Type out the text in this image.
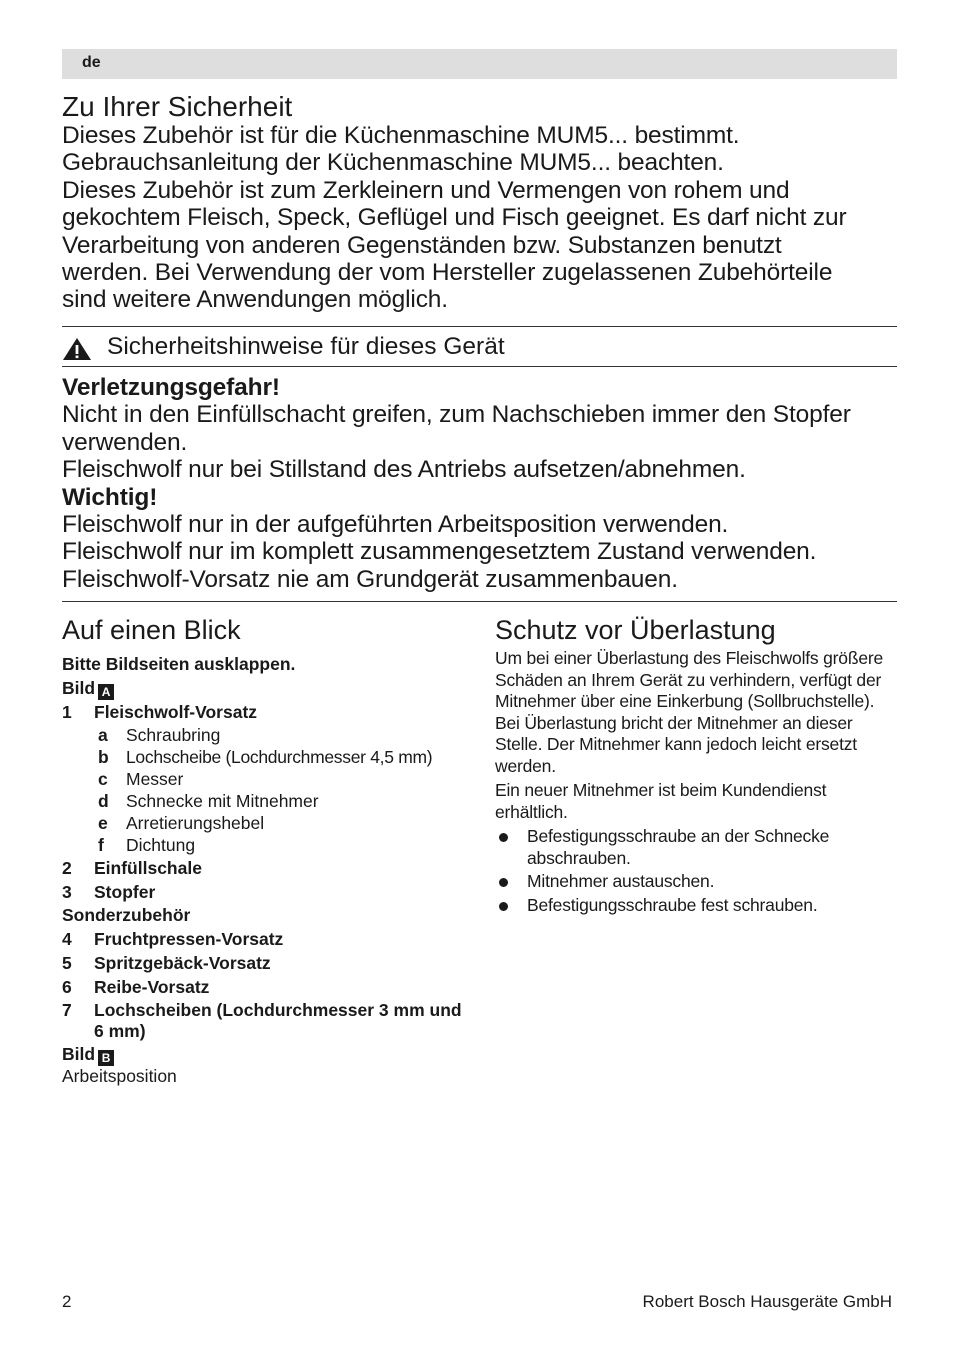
de
Zu Ihrer Sicherheit

Dieses Zubehör ist für die Küchenmaschine MUM5... bestimmt.

Gebrauchsanleitung der Küchenmaschine MUM5... beachten.

Dieses Zubehör ist zum Zerkleinern und Vermengen von rohem und

gekochtem Fleisch, Speck, Geflügel und Fisch geeignet. Es darf nicht zur

Verarbeitung von anderen Gegenständen bzw. Substanzen benutzt

werden. Bei Verwendung der vom Hersteller zugelassenen Zubehörteile

sind weitere Anwendungen möglich.

Sicherheitshinweise für dieses Gerät

Verletzungsgefahr!

Nicht in den Einfüllschacht greifen, zum Nachschieben immer den Stopfer

verwenden.

Fleischwolf nur bei Stillstand des Antriebs aufsetzen/abnehmen.

Wichtig!

Fleischwolf nur in der aufgeführten Arbeitsposition verwenden.

Fleischwolf nur im komplett zusammengesetztem Zustand verwenden.

Fleischwolf-Vorsatz nie am Grundgerät zusammenbauen.

Auf einen Blick
Bitte Bildseiten ausklappen.
Bild A
1 Fleischwolf-Vorsatz
a	Schraubring
b Lochscheibe (Lochdurchmesser 4,5 mm)
c	Messer
d Schnecke mit Mitnehmer
e	Arretierungshebel
f	Dichtung
2 Einfüllschale
3 Stopfer
Sonderzubehör
4 Fruchtpressen-Vorsatz
5 Spritzgebäck-Vorsatz
6 Reibe-Vorsatz
7 Lochscheiben (Lochdurchmesser 3 mm und 6 mm)
Bild B
Arbeitsposition
Schutz vor Überlastung

Um bei einer Überlastung des Fleischwolfs größere Schäden an Ihrem Gerät zu verhindern, verfügt der Mitnehmer über eine Einkerbung (Sollbruchstelle). Bei Überlastung bricht der Mitnehmer an dieser Stelle. Der Mitnehmer kann jedoch leicht ersetzt werden.

Ein neuer Mitnehmer ist beim Kundendienst erhältlich.

Befestigungsschraube an der Schnecke abschrauben.
Mitnehmer austauschen.
Befestigungsschraube fest schrauben.
2	Robert Bosch Hausgeräte GmbH
